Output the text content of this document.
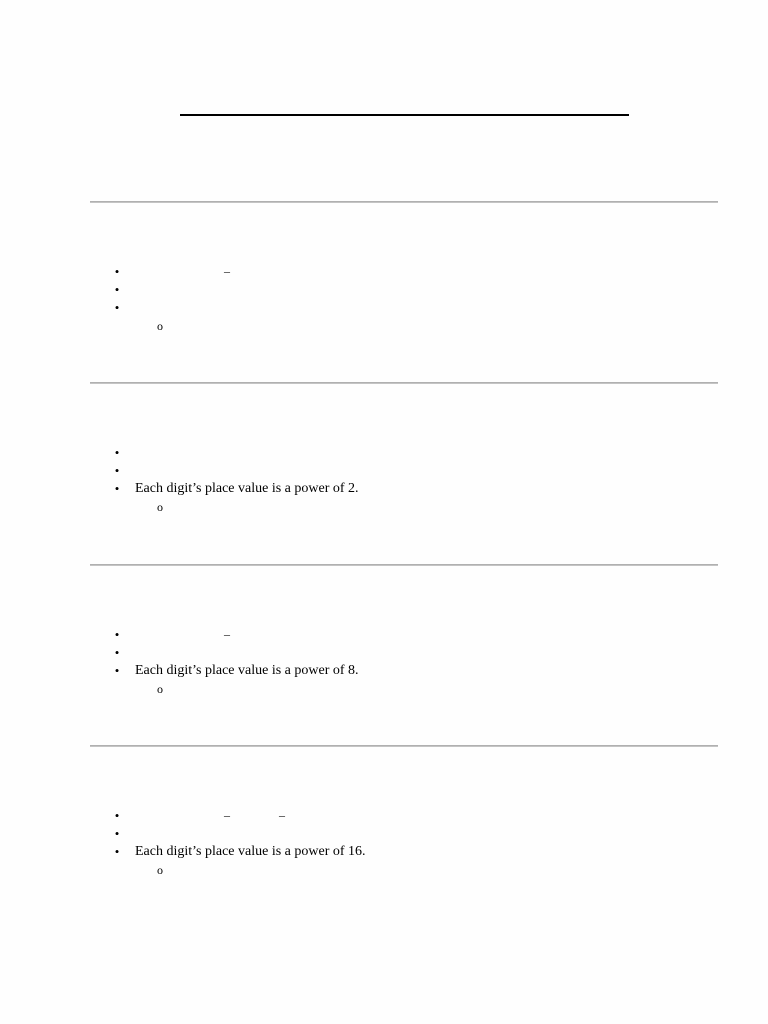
•	–
•
•
o
•
•
• Each digit’s place value is a power of 2.
o
•	–
•
• Each digit’s place value is a power of 8.
o
•	–	–
•
• Each digit’s place value is a power of 16.
o
